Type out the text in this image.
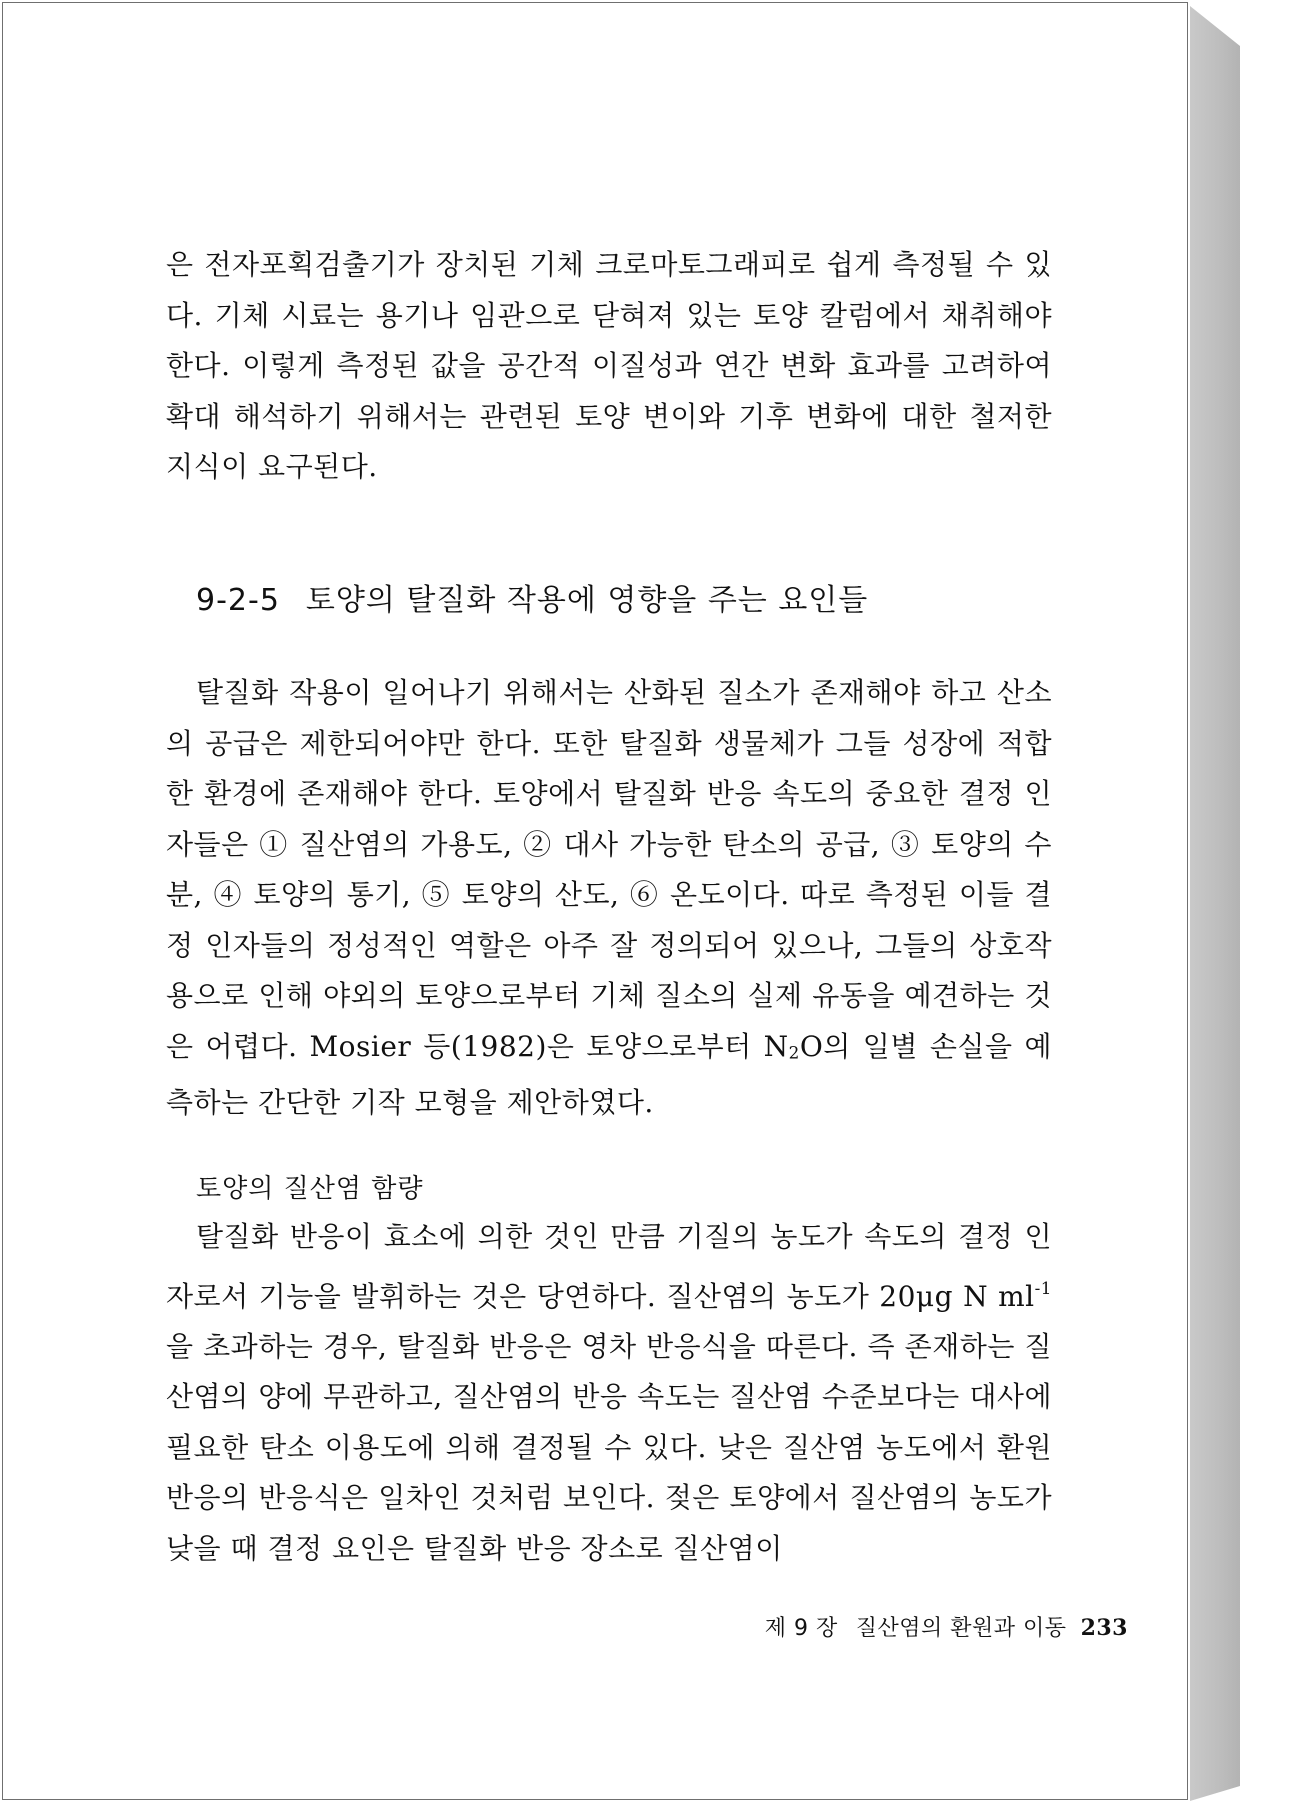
은 전자포획검출기가 장치된 기체 크로마토그래피로 쉽게 측정될 수 있다. 기체 시료는 용기나 임관으로 닫혀져 있는 토양 칼럼에서 채취해야 한다. 이렇게 측정된 값을 공간적 이질성과 연간 변화 효과를 고려하여 확대 해석하기 위해서는 관련된 토양 변이와 기후 변화에 대한 철저한 지식이 요구된다.

9-2-5 토양의 탈질화 작용에 영향을 주는 요인들

탈질화 작용이 일어나기 위해서는 산화된 질소가 존재해야 하고 산소의 공급은 제한되어야만 한다. 또한 탈질화 생물체가 그들 성장에 적합한 환경에 존재해야 한다. 토양에서 탈질화 반응 속도의 중요한 결정 인자들은 ① 질산염의 가용도, ② 대사 가능한 탄소의 공급, ③ 토양의 수분, ④ 토양의 통기, ⑤ 토양의 산도, ⑥ 온도이다. 따로 측정된 이들 결정 인자들의 정성적인 역할은 아주 잘 정의되어 있으나, 그들의 상호작용으로 인해 야외의 토양으로부터 기체 질소의 실제 유동을 예견하는 것은 어렵다. Mosier 등(1982)은 토양으로부터 N2O의 일별 손실을 예측하는 간단한 기작 모형을 제안하였다.

토양의 질산염 함량

탈질화 반응이 효소에 의한 것인 만큼 기질의 농도가 속도의 결정 인자로서 기능을 발휘하는 것은 당연하다. 질산염의 농도가 20μg N $ml^{-1}$을 초과하는 경우, 탈질화 반응은 영차 반응식을 따른다. 즉 존재하는 질산염의 양에 무관하고, 질산염의 반응 속도는 질산염 수준보다는 대사에 필요한 탄소 이용도에 의해 결정될 수 있다. 낮은 질산염 농도에서 환원반응의 반응식은 일차인 것처럼 보인다. 젖은 토양에서 질산염의 농도가 낮을 때 결정 요인은 탈질화 반응 장소로 질산염이

제 9 장 질산염의 환원과 이동 233
